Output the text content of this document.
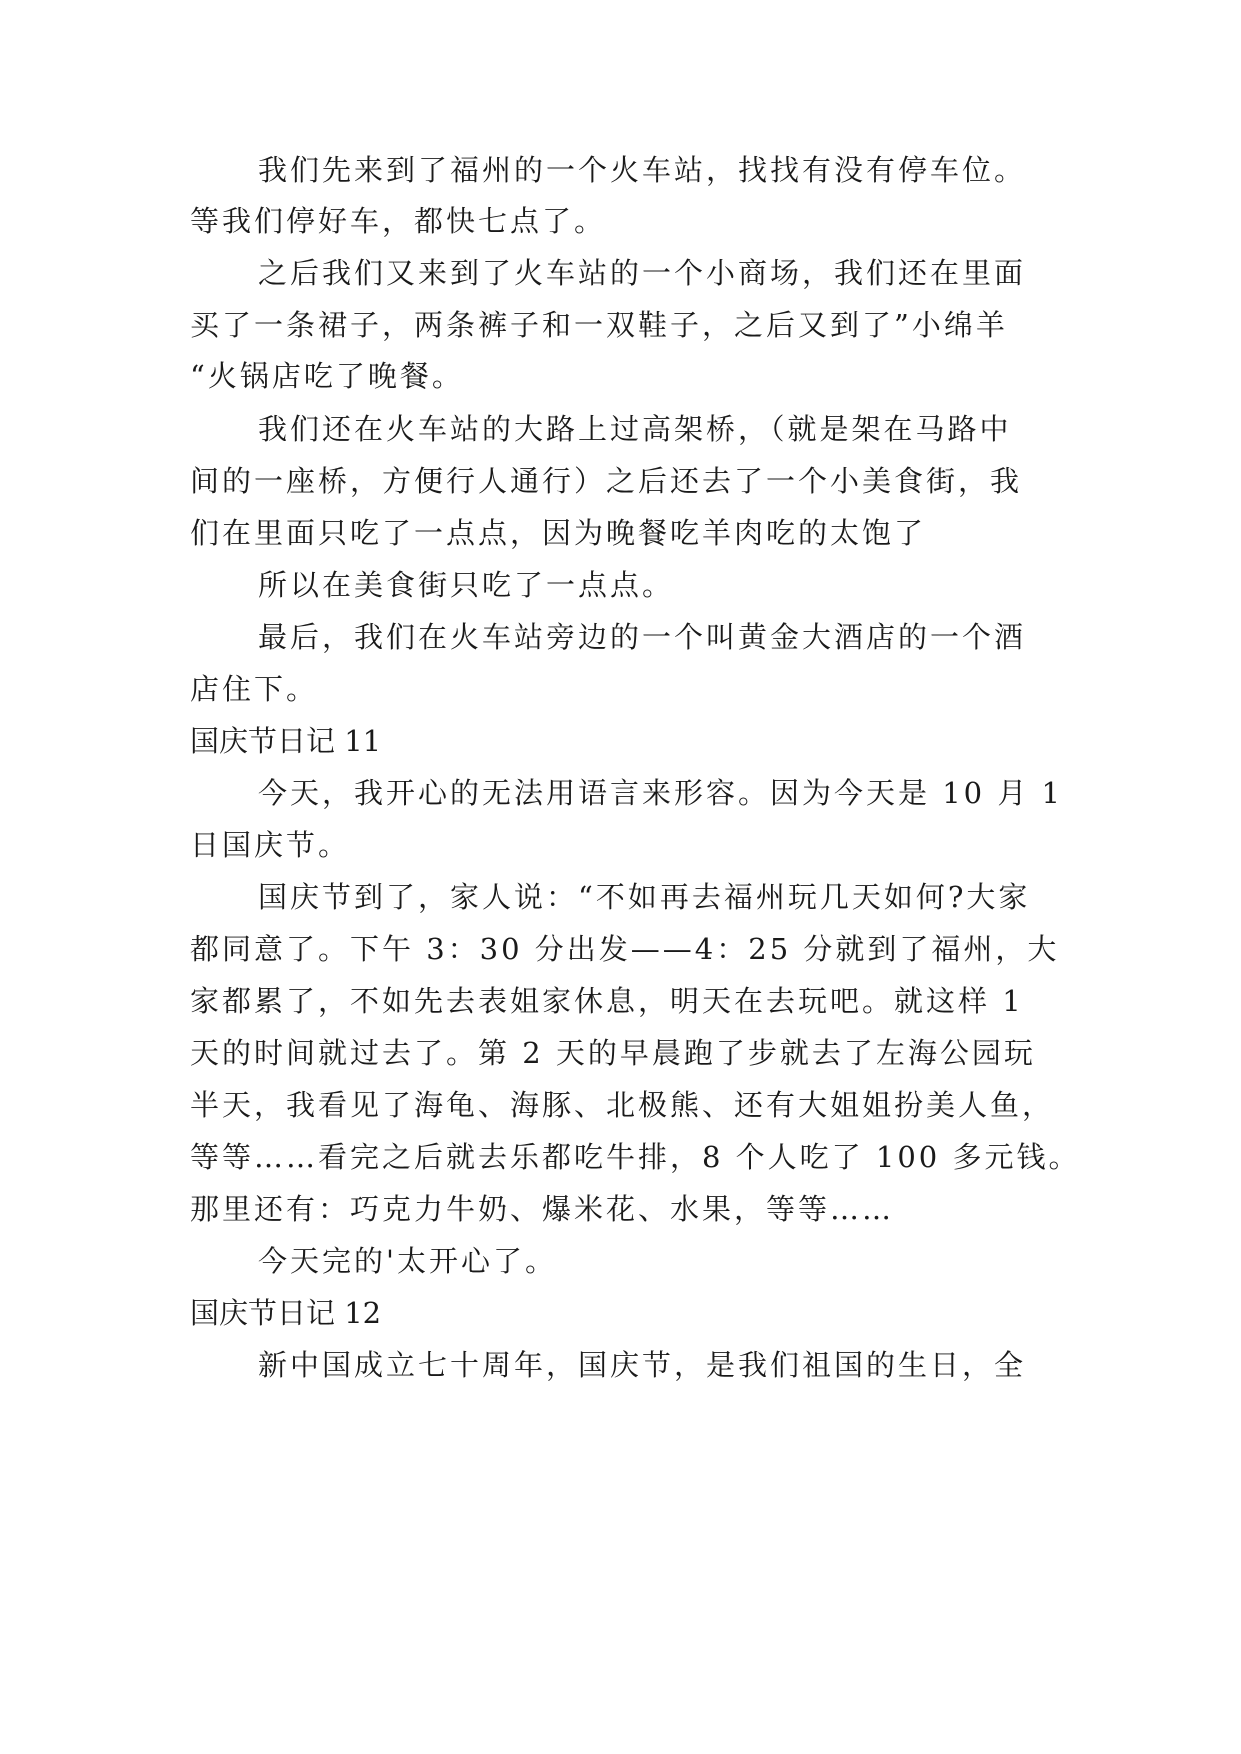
我们先来到了福州的一个火车站，找找有没有停车位。
等我们停好车，都快七点了。
之后我们又来到了火车站的一个小商场，我们还在里面
买了一条裙子，两条裤子和一双鞋子，之后又到了”小绵羊
“火锅店吃了晚餐。
我们还在火车站的大路上过高架桥，（就是架在马路中
间的一座桥，方便行人通行）之后还去了一个小美食街，我
们在里面只吃了一点点，因为晚餐吃羊肉吃的太饱了
所以在美食街只吃了一点点。
最后，我们在火车站旁边的一个叫黄金大酒店的一个酒
店住下。
国庆节日记 11
今天，我开心的无法用语言来形容。因为今天是 10 月 1
日国庆节。
国庆节到了，家人说：“不如再去福州玩几天如何?大家
都同意了。下午 3：30 分出发——4：25 分就到了福州，大
家都累了，不如先去表姐家休息，明天在去玩吧。就这样 1
天的时间就过去了。第 2 天的早晨跑了步就去了左海公园玩
半天，我看见了海龟、海豚、北极熊、还有大姐姐扮美人鱼，
等等……看完之后就去乐都吃牛排，8 个人吃了 100 多元钱。
那里还有：巧克力牛奶、爆米花、水果，等等……
今天完的'太开心了。
国庆节日记 12
新中国成立七十周年，国庆节，是我们祖国的生日，全
